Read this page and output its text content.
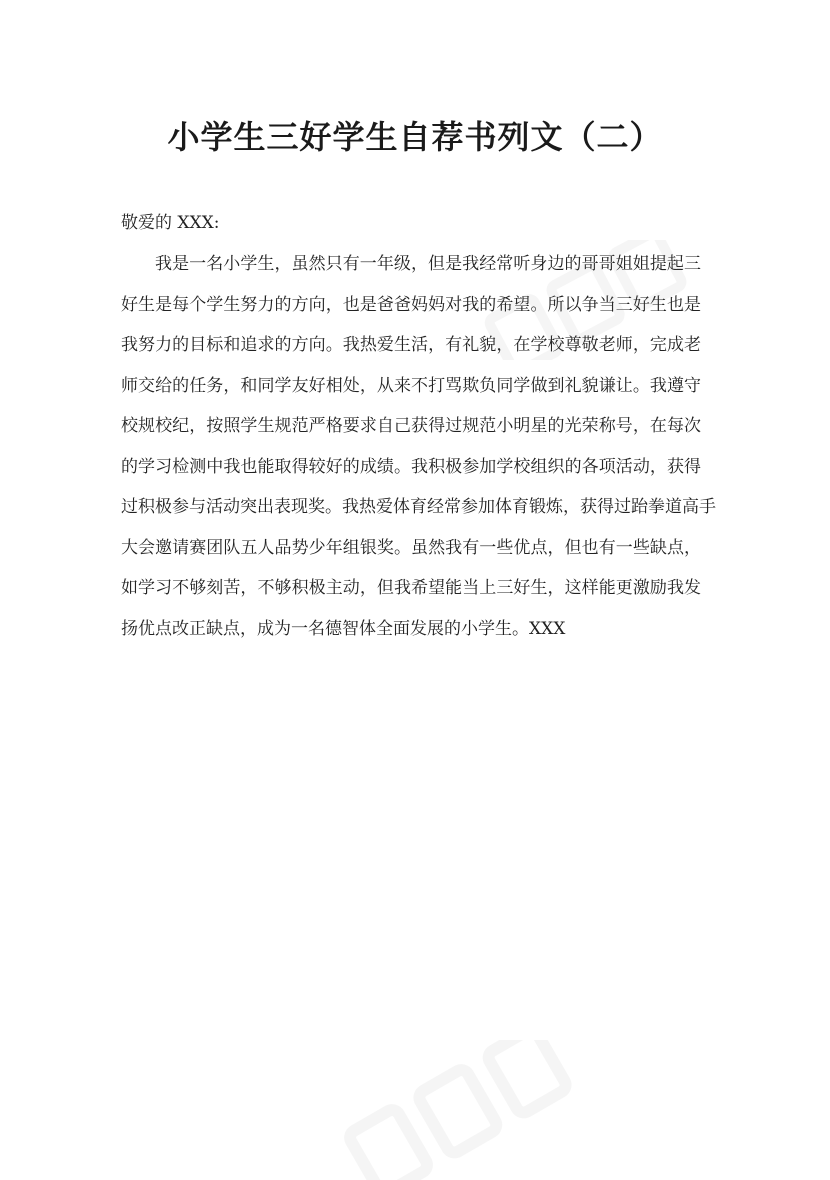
小学生三好学生自荐书列文（二）

敬爱的 XXX:

我是一名小学生，虽然只有一年级，但是我经常听身边的哥哥姐姐提起三

好生是每个学生努力的方向，也是爸爸妈妈对我的希望。所以争当三好生也是

我努力的目标和追求的方向。我热爱生活，有礼貌，在学校尊敬老师，完成老

师交给的任务，和同学友好相处，从来不打骂欺负同学做到礼貌谦让。我遵守

校规校纪，按照学生规范严格要求自己获得过规范小明星的光荣称号，在每次

的学习检测中我也能取得较好的成绩。我积极参加学校组织的各项活动，获得

过积极参与活动突出表现奖。我热爱体育经常参加体育锻炼，获得过跆拳道高手

大会邀请赛团队五人品势少年组银奖。虽然我有一些优点，但也有一些缺点，

如学习不够刻苦，不够积极主动，但我希望能当上三好生，这样能更激励我发

扬优点改正缺点，成为一名德智体全面发展的小学生。XXX
